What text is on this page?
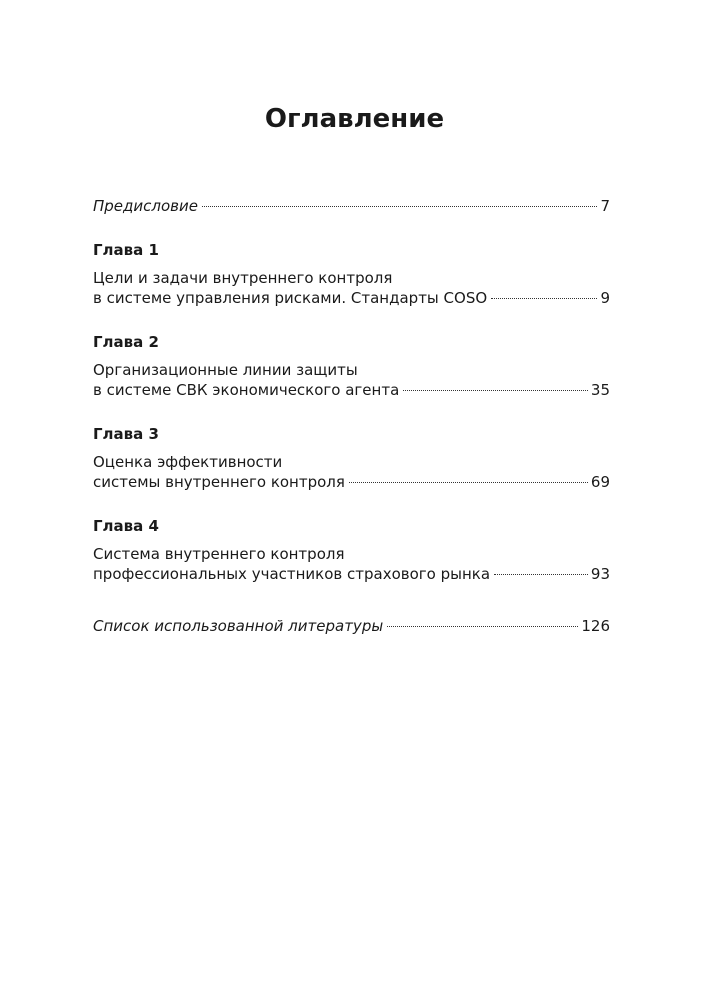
Оглавление
Предисловие	7
Глава 1
Цели и задачи внутреннего контроля
в системе управления рисками. Стандарты COSO	9
Глава 2
Организационные линии защиты
в системе СВК экономического агента	35
Глава 3
Оценка эффективности
системы внутреннего контроля	69
Глава 4
Система внутреннего контроля
профессиональных участников страхового рынка	93
Список использованной литературы	126
